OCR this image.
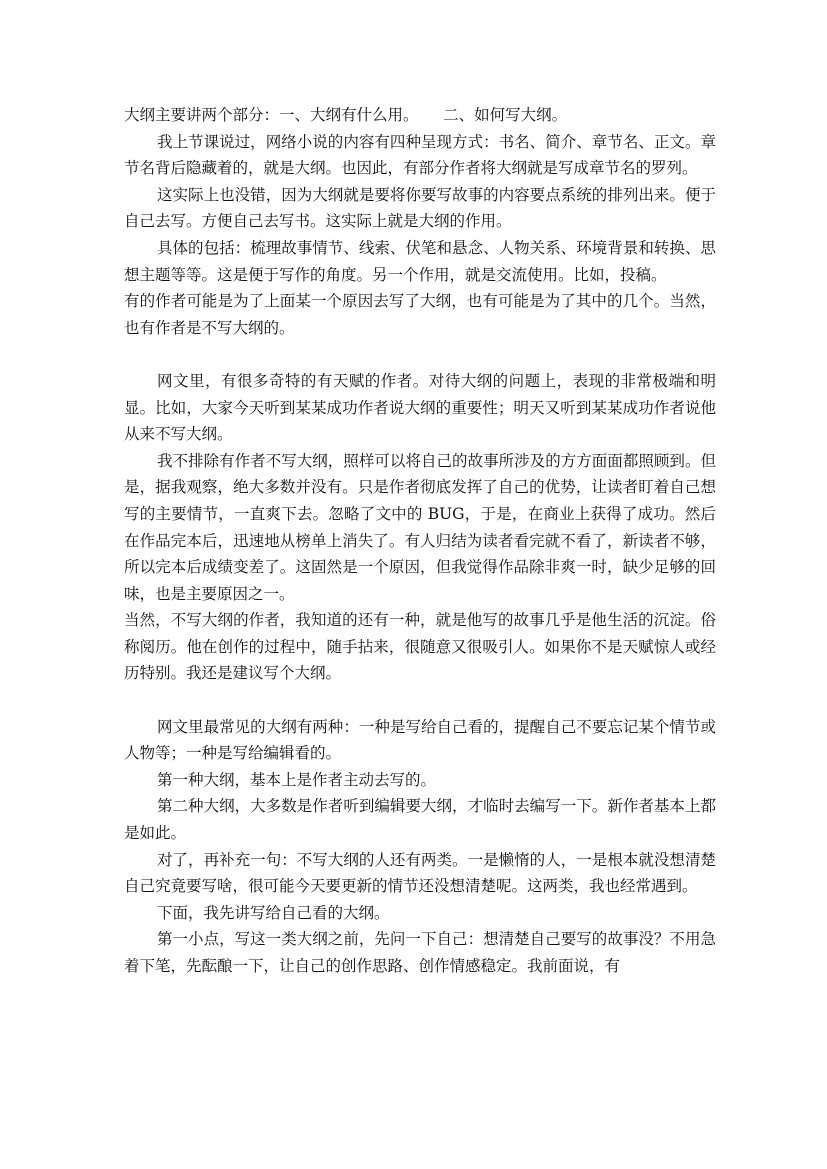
大纲主要讲两个部分：一、大纲有什么用。     二、如何写大纲。

我上节课说过，网络小说的内容有四种呈现方式：书名、简介、章节名、正文。章节名背后隐藏着的，就是大纲。也因此，有部分作者将大纲就是写成章节名的罗列。

这实际上也没错，因为大纲就是要将你要写故事的内容要点系统的排列出来。便于自己去写。方便自己去写书。这实际上就是大纲的作用。

具体的包括：梳理故事情节、线索、伏笔和悬念、人物关系、环境背景和转换、思想主题等等。这是便于写作的角度。另一个作用，就是交流使用。比如，投稿。

有的作者可能是为了上面某一个原因去写了大纲，也有可能是为了其中的几个。当然，也有作者是不写大纲的。

网文里，有很多奇特的有天赋的作者。对待大纲的问题上，表现的非常极端和明显。比如，大家今天听到某某成功作者说大纲的重要性；明天又听到某某成功作者说他从来不写大纲。

我不排除有作者不写大纲，照样可以将自己的故事所涉及的方方面面都照顾到。但是，据我观察，绝大多数并没有。只是作者彻底发挥了自己的优势，让读者盯着自己想写的主要情节，一直爽下去。忽略了文中的 BUG，于是，在商业上获得了成功。然后在作品完本后，迅速地从榜单上消失了。有人归结为读者看完就不看了，新读者不够，所以完本后成绩变差了。这固然是一个原因，但我觉得作品除非爽一时，缺少足够的回味，也是主要原因之一。

当然，不写大纲的作者，我知道的还有一种，就是他写的故事几乎是他生活的沉淀。俗称阅历。他在创作的过程中，随手拈来，很随意又很吸引人。如果你不是天赋惊人或经历特别。我还是建议写个大纲。

网文里最常见的大纲有两种：一种是写给自己看的，提醒自己不要忘记某个情节或人物等；一种是写给编辑看的。

第一种大纲，基本上是作者主动去写的。

第二种大纲，大多数是作者听到编辑要大纲，才临时去编写一下。新作者基本上都是如此。

对了，再补充一句：不写大纲的人还有两类。一是懒惰的人，一是根本就没想清楚自己究竟要写啥，很可能今天要更新的情节还没想清楚呢。这两类，我也经常遇到。

下面，我先讲写给自己看的大纲。

第一小点，写这一类大纲之前，先问一下自己：想清楚自己要写的故事没？不用急着下笔，先酝酿一下，让自己的创作思路、创作情感稳定。我前面说，有
